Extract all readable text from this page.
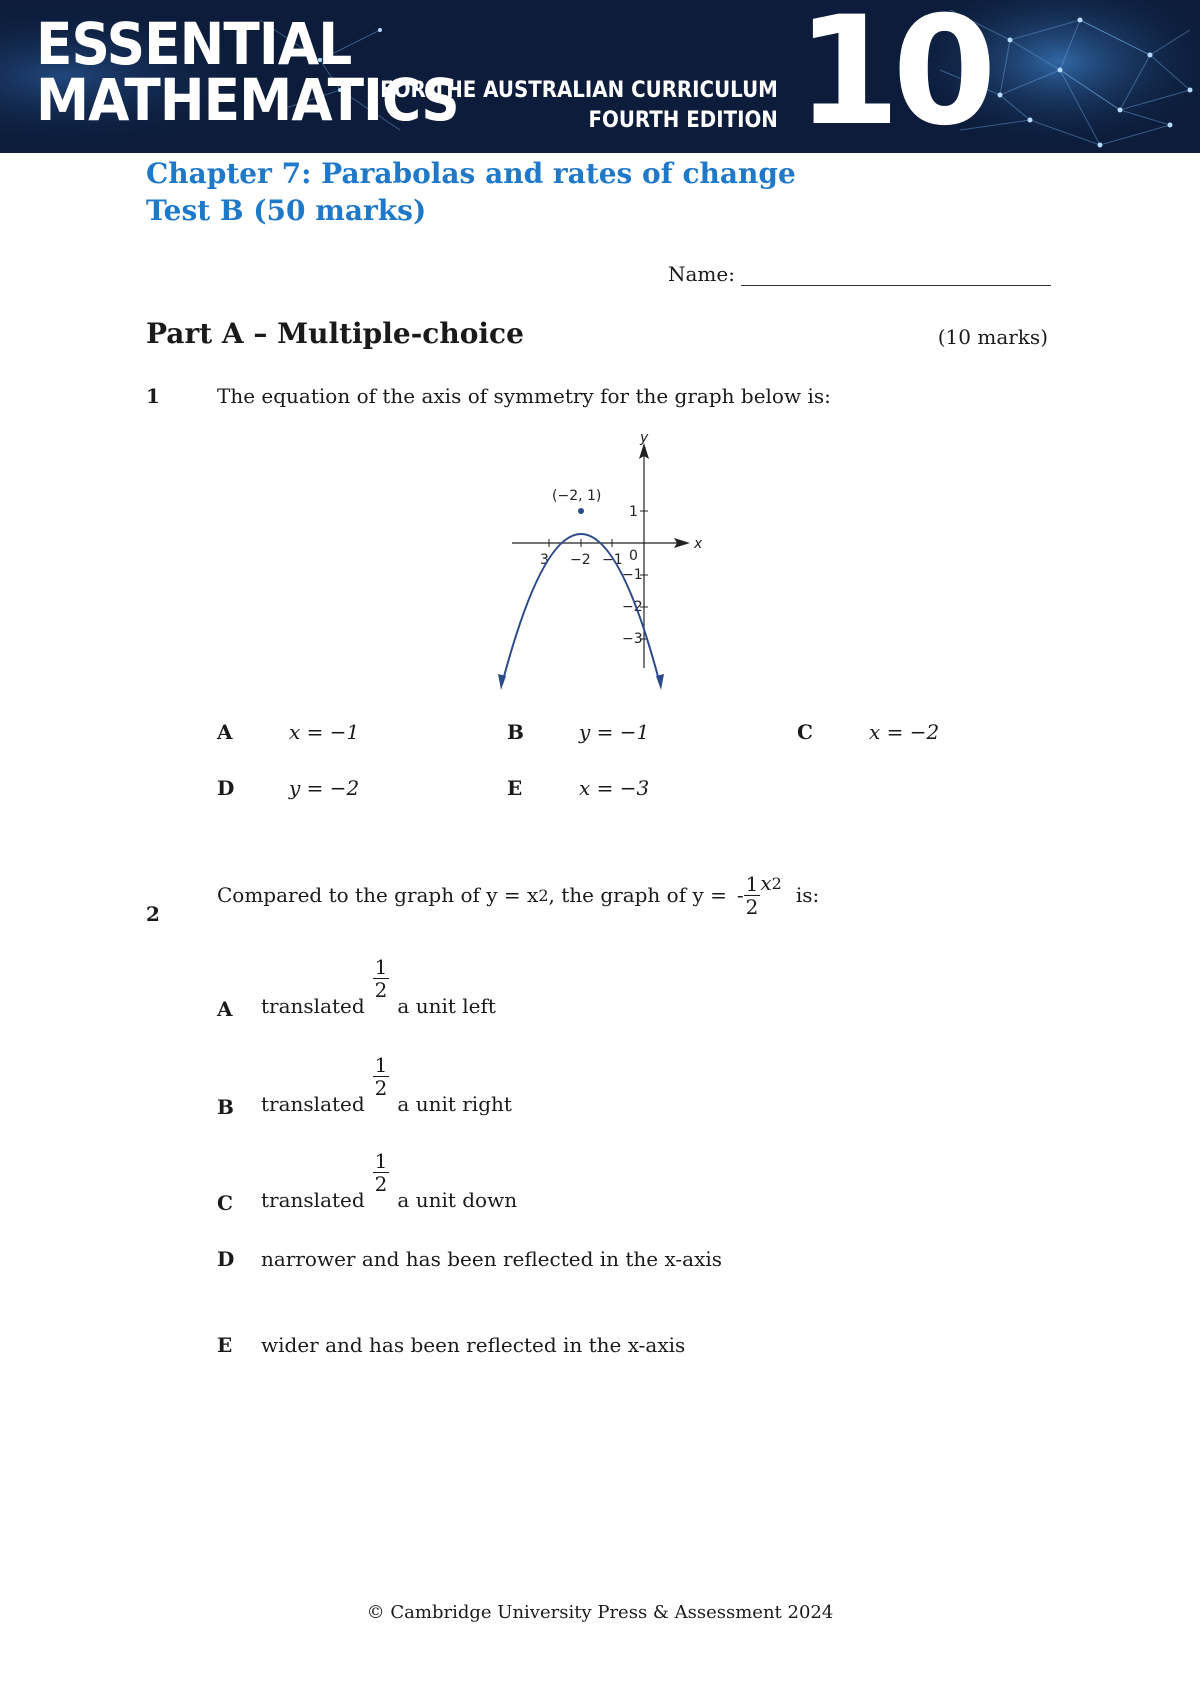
ESSENTIAL
MATHEMATICS
FOR THE AUSTRALIAN CURRICULUM
FOURTH EDITION 10
Chapter 7: Parabolas and rates of change
Test B (50 marks)
Name:
Part A – Multiple-choice	(10 marks)
1	The equation of the axis of symmetry for the graph below is:
y
x
3 −2 −1
1
−1
−2
−3
0
(−2, 1)
A	x = −1	B	y = −1	C	x = −2
D	y = −2	E	x = −3
2
Compared to the graph of y = x 2 , the graph of y = - $\frac{1}{2} x^2$ is:
A translated
$\frac{1}{2}$
a unit left
B translated
$\frac{1}{2}$
a unit right
C translated
$\frac{1}{2}$
a unit down
D narrower and has been reflected in the x-axis
E wider and has been reflected in the x-axis
© Cambridge University Press & Assessment 2024
